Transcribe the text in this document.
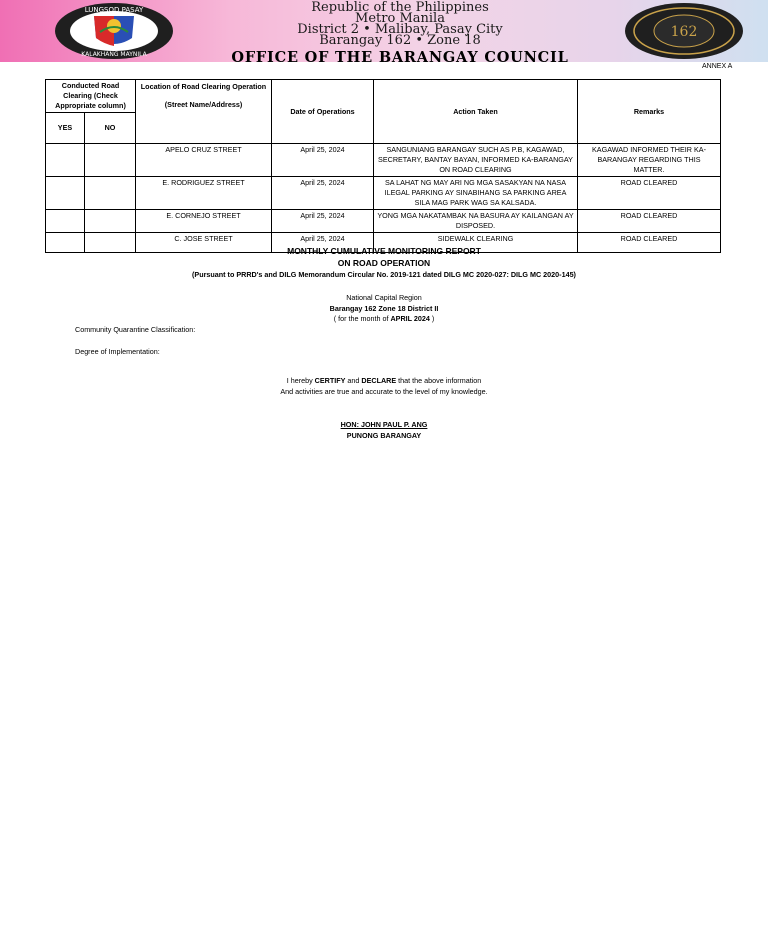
LUNGSOD PASAY
KALAKHANG MAYNILA
Republic of the Philippines
Metro Manila
District 2 • Malibay, Pasay City
Barangay 162 • Zone 18
OFFICE OF THE BARANGAY COUNCIL
162
ANNEX A
Conducted Road Clearing (Check Appropriate column)		Location of Road Clearing Operation
(Street Name/Address)	Date of Operations	Action Taken	Remarks
YES	NO				
		APELO CRUZ STREET	April 25, 2024	SANGUNIANG BARANGAY SUCH AS P.B, KAGAWAD, SECRETARY, BANTAY BAYAN, INFORMED KA-BARANGAY ON ROAD CLEARING	KAGAWAD INFORMED THEIR KA-BARANGAY REGARDING THIS MATTER.
		E. RODRIGUEZ STREET	April 25, 2024	SA LAHAT NG MAY ARI NG MGA SASAKYAN NA NASA ILEGAL PARKING AY SINABIHANG SA PARKING AREA SILA MAG PARK WAG SA KALSADA.	ROAD CLEARED
		E. CORNEJO STREET	April 25, 2024	YONG MGA NAKATAMBAK NA BASURA AY KAILANGAN AY DISPOSED.	ROAD CLEARED
		C. JOSE STREET	April 25, 2024	SIDEWALK CLEARING	ROAD CLEARED
MONTHLY CUMULATIVE MONITORING REPORT
ON ROAD OPERATION
(Pursuant to PRRD's and DILG Memorandum Circular No. 2019-121 dated DILG MC 2020-027: DILG MC 2020-145)
National Capital Region
Barangay 162 Zone 18 District II
( for the month of APRIL 2024 )
Community Quarantine Classification:
Degree of Implementation:
I hereby CERTIFY and DECLARE that the above information
And activities are true and accurate to the level of my knowledge.
HON: JOHN PAUL P. ANG
PUNONG BARANGAY
